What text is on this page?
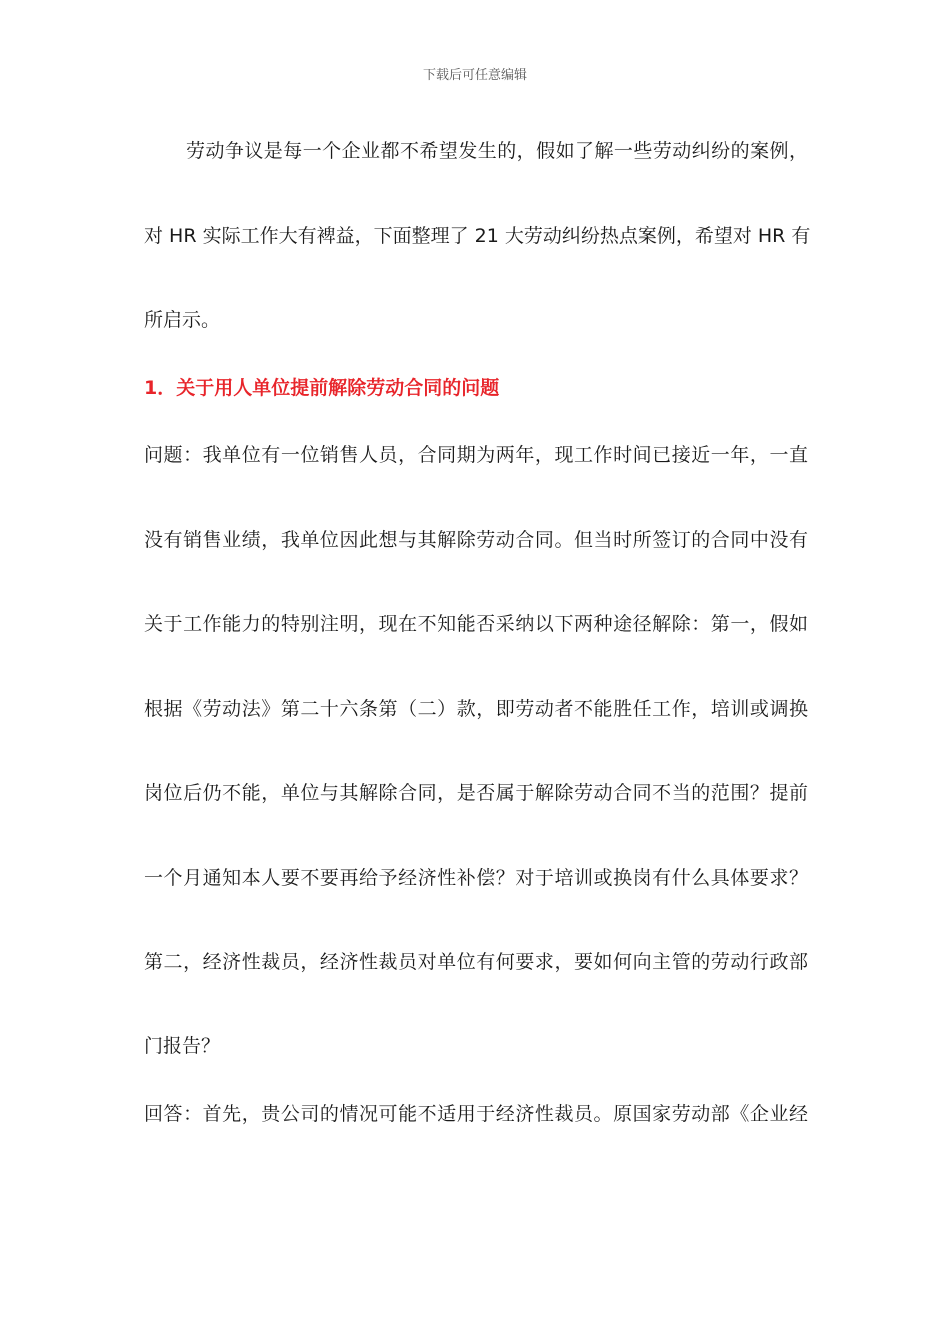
下载后可任意编辑
劳动争议是每一个企业都不希望发生的，假如了解一些劳动纠纷的案例，
对 HR 实际工作大有裨益，下面整理了 21 大劳动纠纷热点案例，希望对 HR 有
所启示。
1．关于用人单位提前解除劳动合同的问题
问题：我单位有一位销售人员，合同期为两年，现工作时间已接近一年，一直
没有销售业绩，我单位因此想与其解除劳动合同。但当时所签订的合同中没有
关于工作能力的特别注明，现在不知能否采纳以下两种途径解除：第一，假如
根据《劳动法》第二十六条第（二）款，即劳动者不能胜任工作，培训或调换
岗位后仍不能，单位与其解除合同，是否属于解除劳动合同不当的范围？提前
一个月通知本人要不要再给予经济性补偿？对于培训或换岗有什么具体要求？
第二，经济性裁员，经济性裁员对单位有何要求，要如何向主管的劳动行政部
门报告？
回答：首先，贵公司的情况可能不适用于经济性裁员。原国家劳动部《企业经
